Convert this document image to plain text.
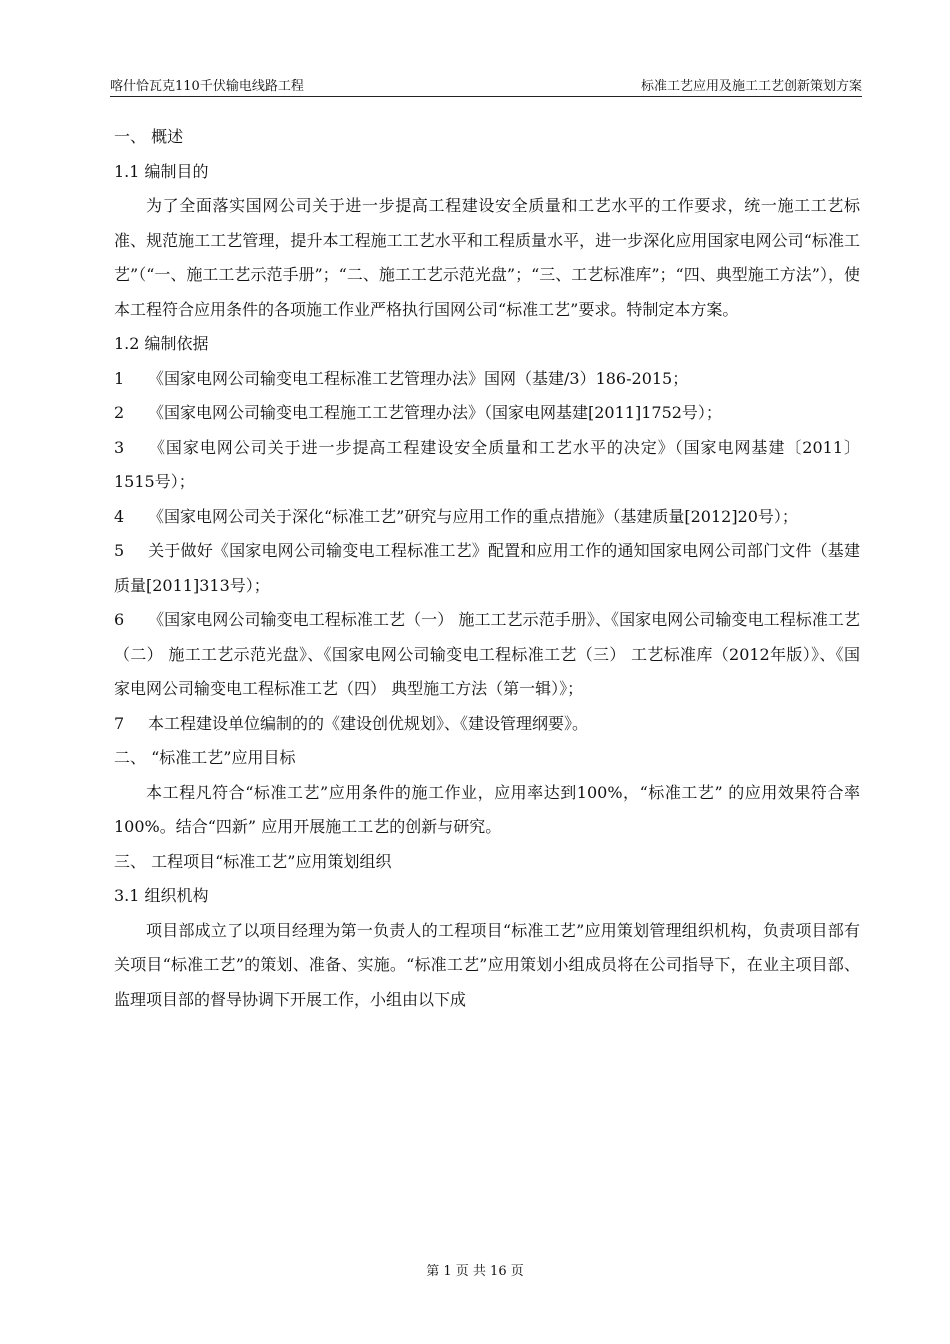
喀什恰瓦克110千伏输电线路工程	标准工艺应用及施工工艺创新策划方案

一、 概述

1.1 编制目的

为了全面落实国网公司关于进一步提高工程建设安全质量和工艺水平的工作要求，统一施工工艺标准、规范施工工艺管理，提升本工程施工工艺水平和工程质量水平，进一步深化应用国家电网公司“标准工艺”（“一、施工工艺示范手册”；“二、施工工艺示范光盘”；“三、工艺标准库”；“四、典型施工方法”），使本工程符合应用条件的各项施工作业严格执行国网公司“标准工艺”要求。特制定本方案。

1.2 编制依据

1 《国家电网公司输变电工程标准工艺管理办法》国网（基建/3）186-2015；

2 《国家电网公司输变电工程施工工艺管理办法》（国家电网基建[2011]1752号）；

3 《国家电网公司关于进一步提高工程建设安全质量和工艺水平的决定》（国家电网基建〔2011〕1515号）；

4 《国家电网公司关于深化“标准工艺”研究与应用工作的重点措施》（基建质量[2012]20号）；

5 关于做好《国家电网公司输变电工程标准工艺》配置和应用工作的通知国家电网公司部门文件（基建质量[2011]313号）；

6 《国家电网公司输变电工程标准工艺（一） 施工工艺示范手册》、《国家电网公司输变电工程标准工艺（二） 施工工艺示范光盘》、《国家电网公司输变电工程标准工艺（三） 工艺标准库（2012年版）》、《国家电网公司输变电工程标准工艺（四） 典型施工方法（第一辑）》；

7 本工程建设单位编制的的《建设创优规划》、《建设管理纲要》。

二、 “标准工艺”应用目标

本工程凡符合“标准工艺”应用条件的施工作业，应用率达到100%，“标准工艺” 的应用效果符合率100%。结合“四新” 应用开展施工工艺的创新与研究。

三、 工程项目“标准工艺”应用策划组织

3.1 组织机构

项目部成立了以项目经理为第一负责人的工程项目“标准工艺”应用策划管理组织机构，负责项目部有关项目“标准工艺”的策划、准备、实施。“标准工艺”应用策划小组成员将在公司指导下，在业主项目部、监理项目部的督导协调下开展工作，小组由以下成

第 1 页 共 16 页
